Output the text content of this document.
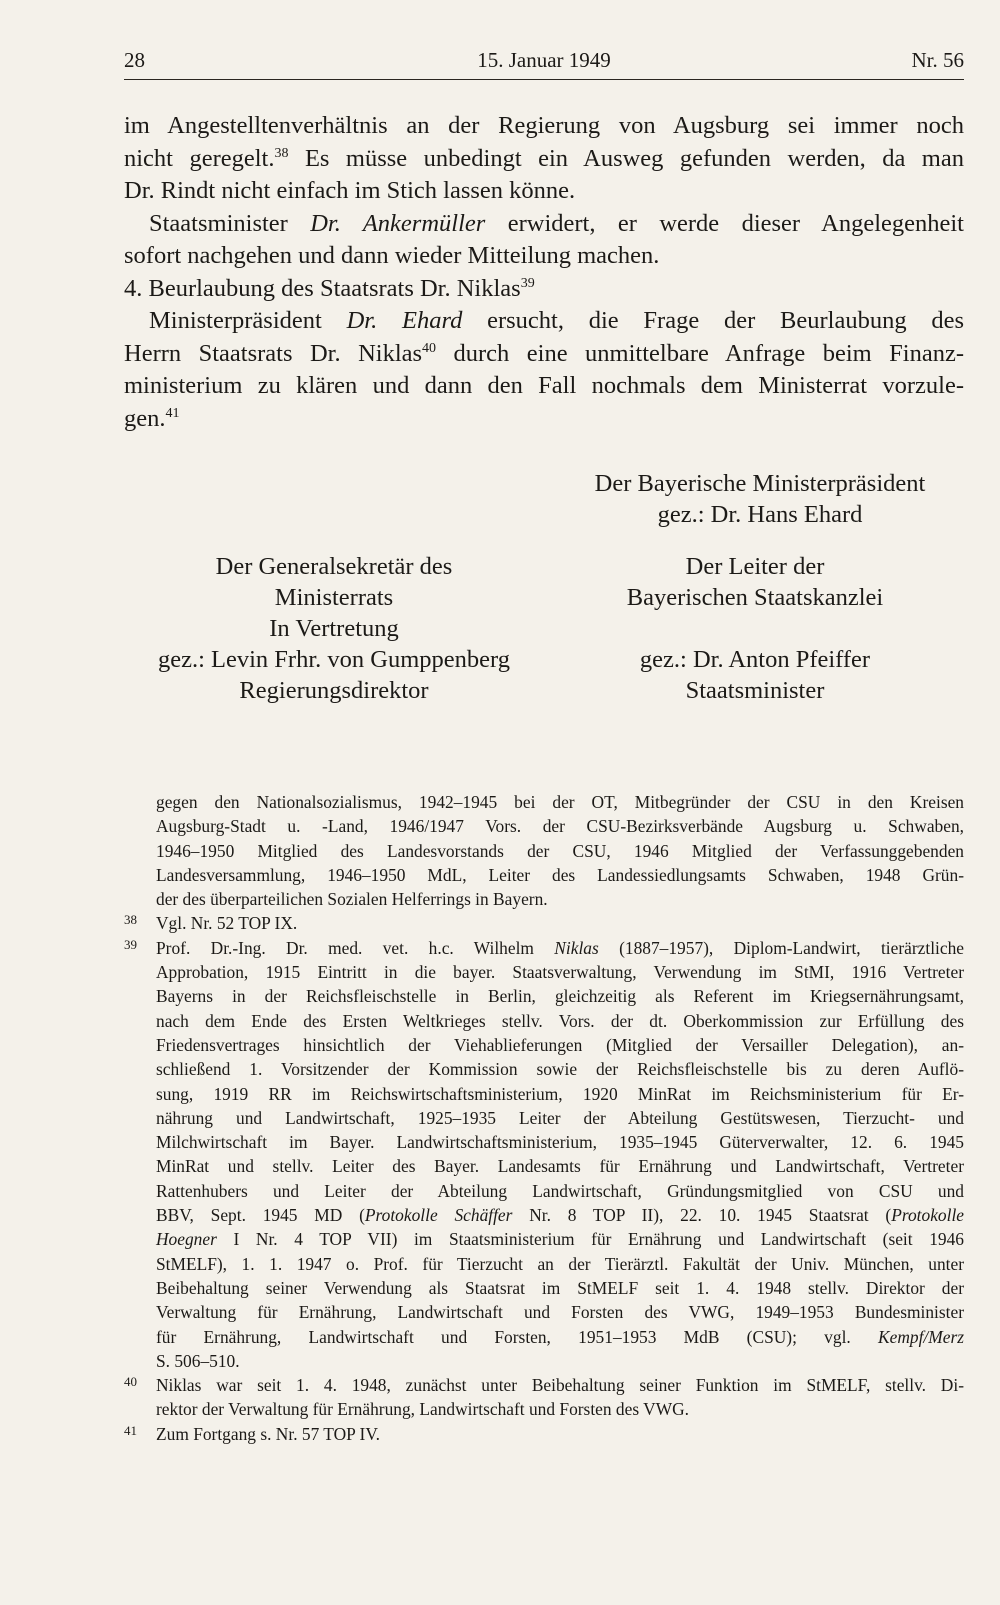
28	15. Januar 1949	Nr. 56

im Angestelltenverhältnis an der Regierung von Augsburg sei immer noch
nicht geregelt.$^{38}$ Es müsse unbedingt ein Ausweg gefunden werden, da man
Dr. Rindt nicht einfach im Stich lassen könne.

Staatsminister Dr. Ankermüller erwidert, er werde dieser Angelegenheit
sofort nachgehen und dann wieder Mitteilung machen.

4. Beurlaubung des Staatsrats Dr. Niklas$^{39}$

Ministerpräsident Dr. Ehard ersucht, die Frage der Beurlaubung des
Herrn Staatsrats Dr. Niklas$^{40}$ durch eine unmittelbare Anfrage beim Finanz-
ministerium zu klären und dann den Fall nochmals dem Ministerrat vorzule-
gen.$^{41}$

Der Bayerische Ministerpräsident
gez.: Dr. Hans Ehard
Der Generalsekretär des
Ministerrats
In Vertretung
gez.: Levin Frhr. von Gumppenberg
Regierungsdirektor
Der Leiter der
Bayerischen Staatskanzlei
gez.: Dr. Anton Pfeiffer
Staatsminister
gegen den Nationalsozialismus, 1942–1945 bei der OT, Mitbegründer der CSU in den Kreisen
Augsburg-Stadt u. -Land, 1946/1947 Vors. der CSU-Bezirksverbände Augsburg u. Schwaben,
1946–1950 Mitglied des Landesvorstands der CSU, 1946 Mitglied der Verfassunggebenden
Landesversammlung, 1946–1950 MdL, Leiter des Landessiedlungsamts Schwaben, 1948 Grün-
der des überparteilichen Sozialen Helferrings in Bayern.
38 Vgl. Nr. 52 TOP IX.
39 Prof. Dr.-Ing. Dr. med. vet. h.c. Wilhelm Niklas (1887–1957), Diplom-Landwirt, tierärztliche
Approbation, 1915 Eintritt in die bayer. Staatsverwaltung, Verwendung im StMI, 1916 Vertreter
Bayerns in der Reichsfleischstelle in Berlin, gleichzeitig als Referent im Kriegsernährungsamt,
nach dem Ende des Ersten Weltkrieges stellv. Vors. der dt. Oberkommission zur Erfüllung des
Friedensvertrages hinsichtlich der Viehablieferungen (Mitglied der Versailler Delegation), an-
schließend 1. Vorsitzender der Kommission sowie der Reichsfleischstelle bis zu deren Auflö-
sung, 1919 RR im Reichswirtschaftsministerium, 1920 MinRat im Reichsministerium für Er-
nährung und Landwirtschaft, 1925–1935 Leiter der Abteilung Gestütswesen, Tierzucht- und
Milchwirtschaft im Bayer. Landwirtschaftsministerium, 1935–1945 Güterverwalter, 12. 6. 1945
MinRat und stellv. Leiter des Bayer. Landesamts für Ernährung und Landwirtschaft, Vertreter
Rattenhubers und Leiter der Abteilung Landwirtschaft, Gründungsmitglied von CSU und
BBV, Sept. 1945 MD (Protokolle Schäffer Nr. 8 TOP II), 22. 10. 1945 Staatsrat (Protokolle
Hoegner I Nr. 4 TOP VII) im Staatsministerium für Ernährung und Landwirtschaft (seit 1946
StMELF), 1. 1. 1947 o. Prof. für Tierzucht an der Tierärztl. Fakultät der Univ. München, unter
Beibehaltung seiner Verwendung als Staatsrat im StMELF seit 1. 4. 1948 stellv. Direktor der
Verwaltung für Ernährung, Landwirtschaft und Forsten des VWG, 1949–1953 Bundesminister
für Ernährung, Landwirtschaft und Forsten, 1951–1953 MdB (CSU); vgl. Kempf/Merz
S. 506–510.
40 Niklas war seit 1. 4. 1948, zunächst unter Beibehaltung seiner Funktion im StMELF, stellv. Di-
rektor der Verwaltung für Ernährung, Landwirtschaft und Forsten des VWG.
41 Zum Fortgang s. Nr. 57 TOP IV.
